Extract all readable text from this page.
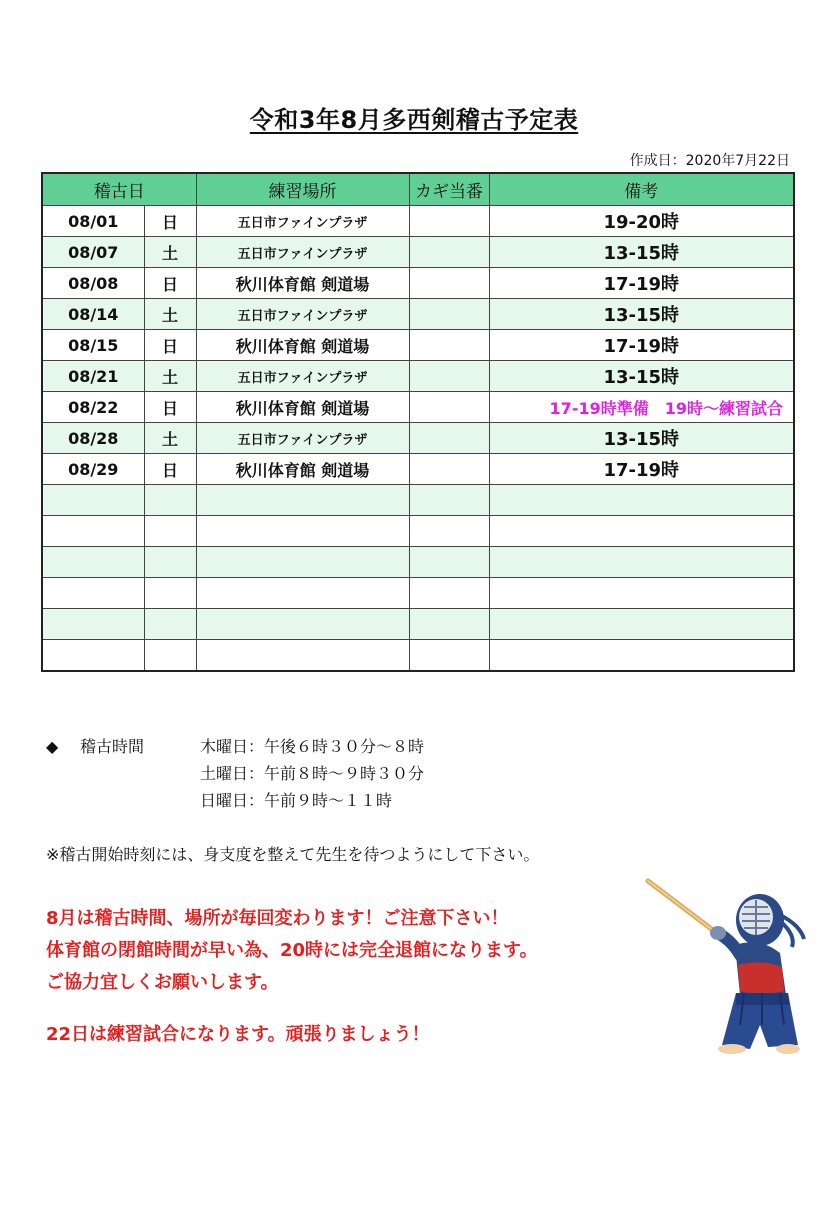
令和3年8月多西剣稽古予定表
作成日：2020年7月22日
稽古日		練習場所	カギ当番	備考
08/01	日	五日市ファインプラザ		19-20時
08/07	土	五日市ファインプラザ		13-15時
08/08	日	秋川体育館 剣道場		17-19時
08/14	土	五日市ファインプラザ		13-15時
08/15	日	秋川体育館 剣道場		17-19時
08/21	土	五日市ファインプラザ		13-15時
08/22	日	秋川体育館 剣道場		17-19時準備　19時～練習試合
08/28	土	五日市ファインプラザ		13-15時
08/29	日	秋川体育館 剣道場		17-19時

◆ 稽古時間	木曜日：午後６時３０分～８時
土曜日：午前８時～９時３０分
日曜日：午前９時～１１時
※稽古開始時刻には、身支度を整えて先生を待つようにして下さい。
8月は稽古時間、場所が毎回変わります！ご注意下さい！
体育館の閉館時間が早い為、20時には完全退館になります。
ご協力宜しくお願いします。
22日は練習試合になります。頑張りましょう！
